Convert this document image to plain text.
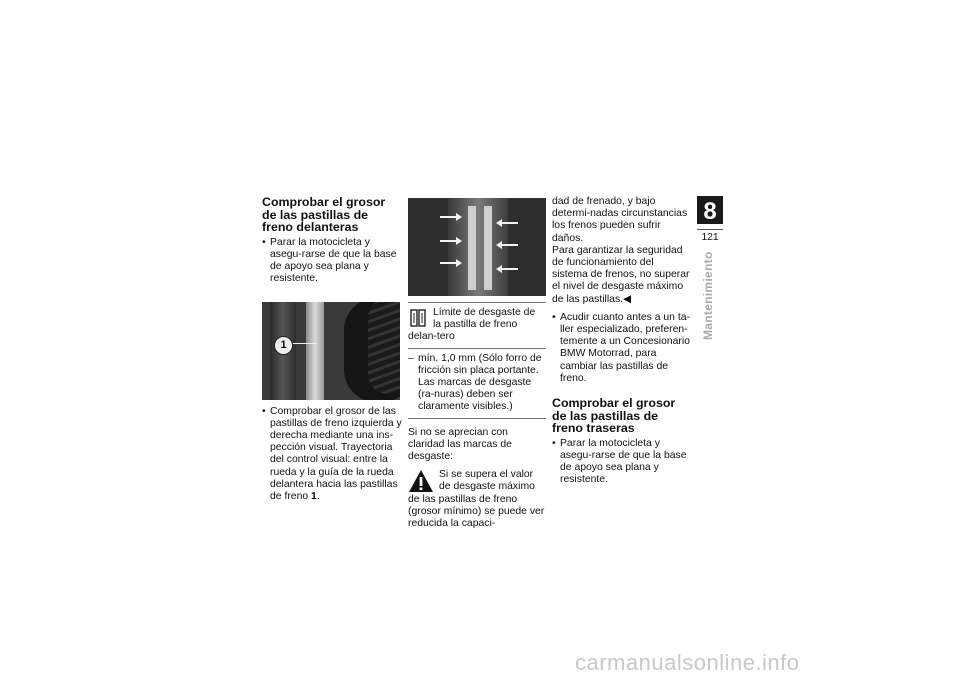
Comprobar el grosor de las pastillas de freno delanteras

• Parar la motocicleta y asegu-rarse de que la base de apoyo sea plana y resistente.

1

• Comprobar el grosor de las pastillas de freno izquierda y derecha mediante una ins-pección visual. Trayectoria del control visual: entre la rueda y la guía de la rueda delantera hacia las pastillas de freno 1.

Límite de desgaste de la pastilla de freno delan-tero

– mín. 1,0 mm (Sólo forro de fricción sin placa portante. Las marcas de desgaste (ra-nuras) deben ser claramente visibles.)

Si no se aprecian con claridad las marcas de desgaste:

Si se supera el valor de desgaste máximo de las pastillas de freno (grosor mínimo) se puede ver reducida la capaci-

dad de frenado, y bajo determi-nadas circunstancias los frenos pueden sufrir daños.

Para garantizar la seguridad de funcionamiento del sistema de frenos, no superar el nivel de desgaste máximo de las pastillas.◀

• Acudir cuanto antes a un ta-ller especializado, preferen-temente a un Concesionario BMW Motorrad, para cambiar las pastillas de freno.

Comprobar el grosor de las pastillas de freno traseras

• Parar la motocicleta y asegu-rarse de que la base de apoyo sea plana y resistente.

8
121
Mantenimiento
carmanualsonline.info
